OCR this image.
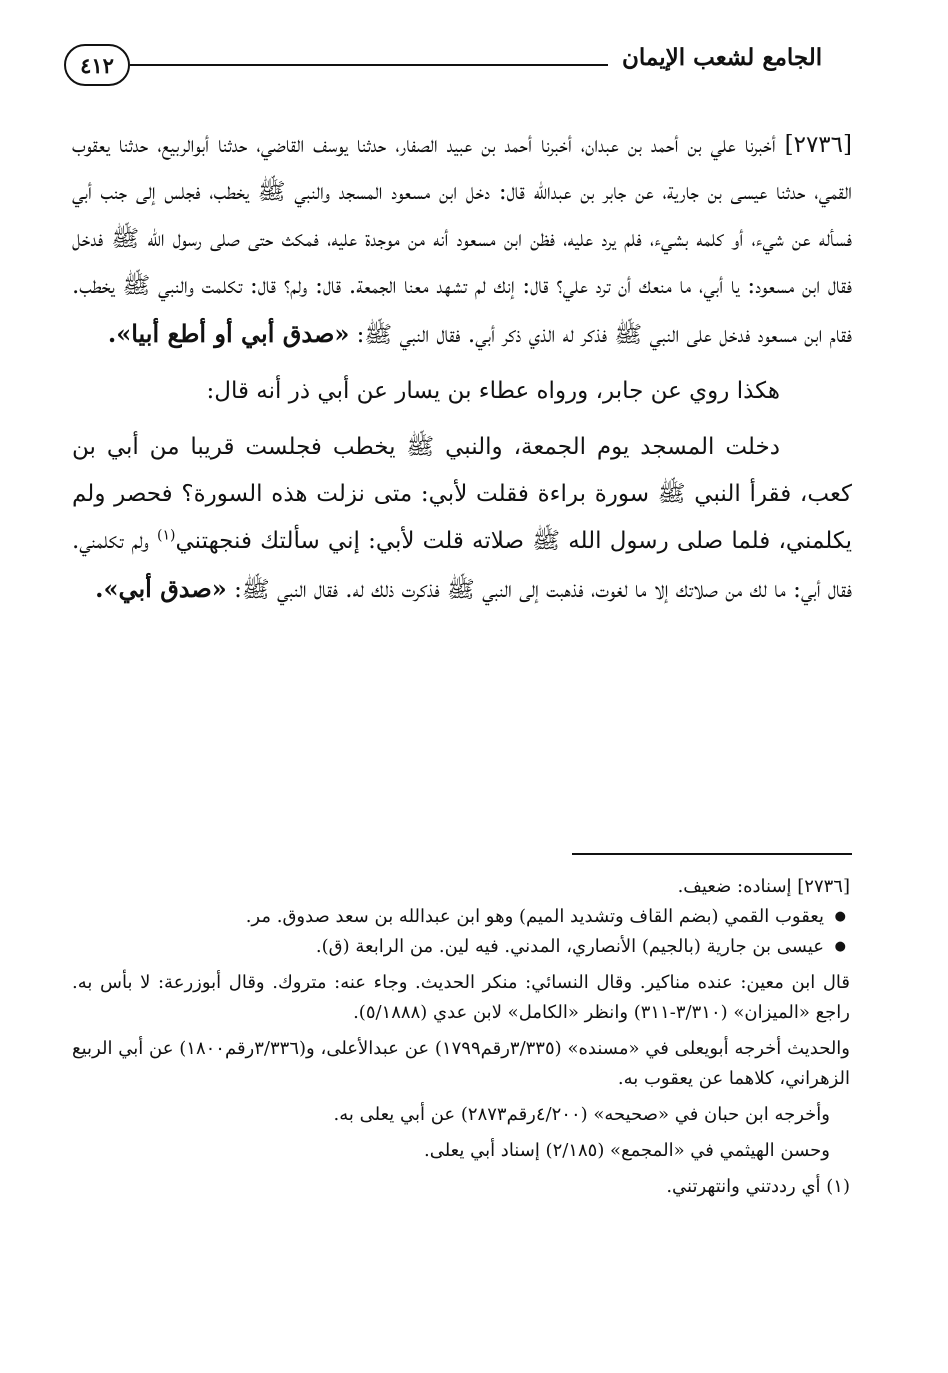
٤١٢	الجامع لشعب الإيمان

[٢٧٣٦] أخبرنا علي بن أحمد بن عبدان، أخبرنا أحمد بن عبيد الصفار، حدثنا يوسف القاضي، حدثنا أبوالربيع، حدثنا يعقوب القمي، حدثنا عيسى بن جارية، عن جابر بن عبدالله قال: دخل ابن مسعود المسجد والنبي ﷺ يخطب، فجلس إلى جنب أبي فسأله عن شيء، أو كلمه بشيء، فلم يرد عليه، فظن ابن مسعود أنه من موجدة عليه، فمكث حتى صلى رسول الله ﷺ فدخل فقال ابن مسعود: يا أبي، ما منعك أن ترد علي؟ قال: إنك لم تشهد معنا الجمعة. قال: ولم؟ قال: تكلمت والنبي ﷺ يخطب. فقام ابن مسعود فدخل على النبي ﷺ فذكر له الذي ذكر أبي. فقال النبي ﷺ: «صدق أبي أو أطع أبيا».

هكذا روي عن جابر، ورواه عطاء بن يسار عن أبي ذر أنه قال:

دخلت المسجد يوم الجمعة، والنبي ﷺ يخطب فجلست قريبا من أبي بن كعب، فقرأ النبي ﷺ سورة براءة فقلت لأبي: متى نزلت هذه السورة؟ فحصر ولم يكلمني، فلما صلى رسول الله ﷺ صلاته قلت لأبي: إني سألتك فنجهتني$^{(١)}$ ولم تكلمني. فقال أبي: ما لك من صلاتك إلا ما لغوت، فذهبت إلى النبي ﷺ فذكرت ذلك له. فقال النبي ﷺ: «صدق أبي».

[٢٧٣٦] إسناده: ضعيف.

● يعقوب القمي (بضم القاف وتشديد الميم) وهو ابن عبدالله بن سعد صدوق. مر.
● عيسى بن جارية (بالجيم) الأنصاري، المدني. فيه لين. من الرابعة (ق).

قال ابن معين: عنده مناكير. وقال النسائي: منكر الحديث. وجاء عنه: متروك. وقال أبوزرعة: لا بأس به. راجع «الميزان» (٣/٣١٠-٣١١) وانظر «الكامل» لابن عدي (٥/١٨٨٨).

والحديث أخرجه أبويعلى في «مسنده» (٣/٣٣٥رقم١٧٩٩) عن عبدالأعلى، و(٣/٣٣٦رقم١٨٠٠) عن أبي الربيع الزهراني، كلاهما عن يعقوب به.

وأخرجه ابن حبان في «صحيحه» (٤/٢٠٠رقم٢٨٧٣) عن أبي يعلى به.

وحسن الهيثمي في «المجمع» (٢/١٨٥) إسناد أبي يعلى.

(١) أي رددتني وانتهرتني.
